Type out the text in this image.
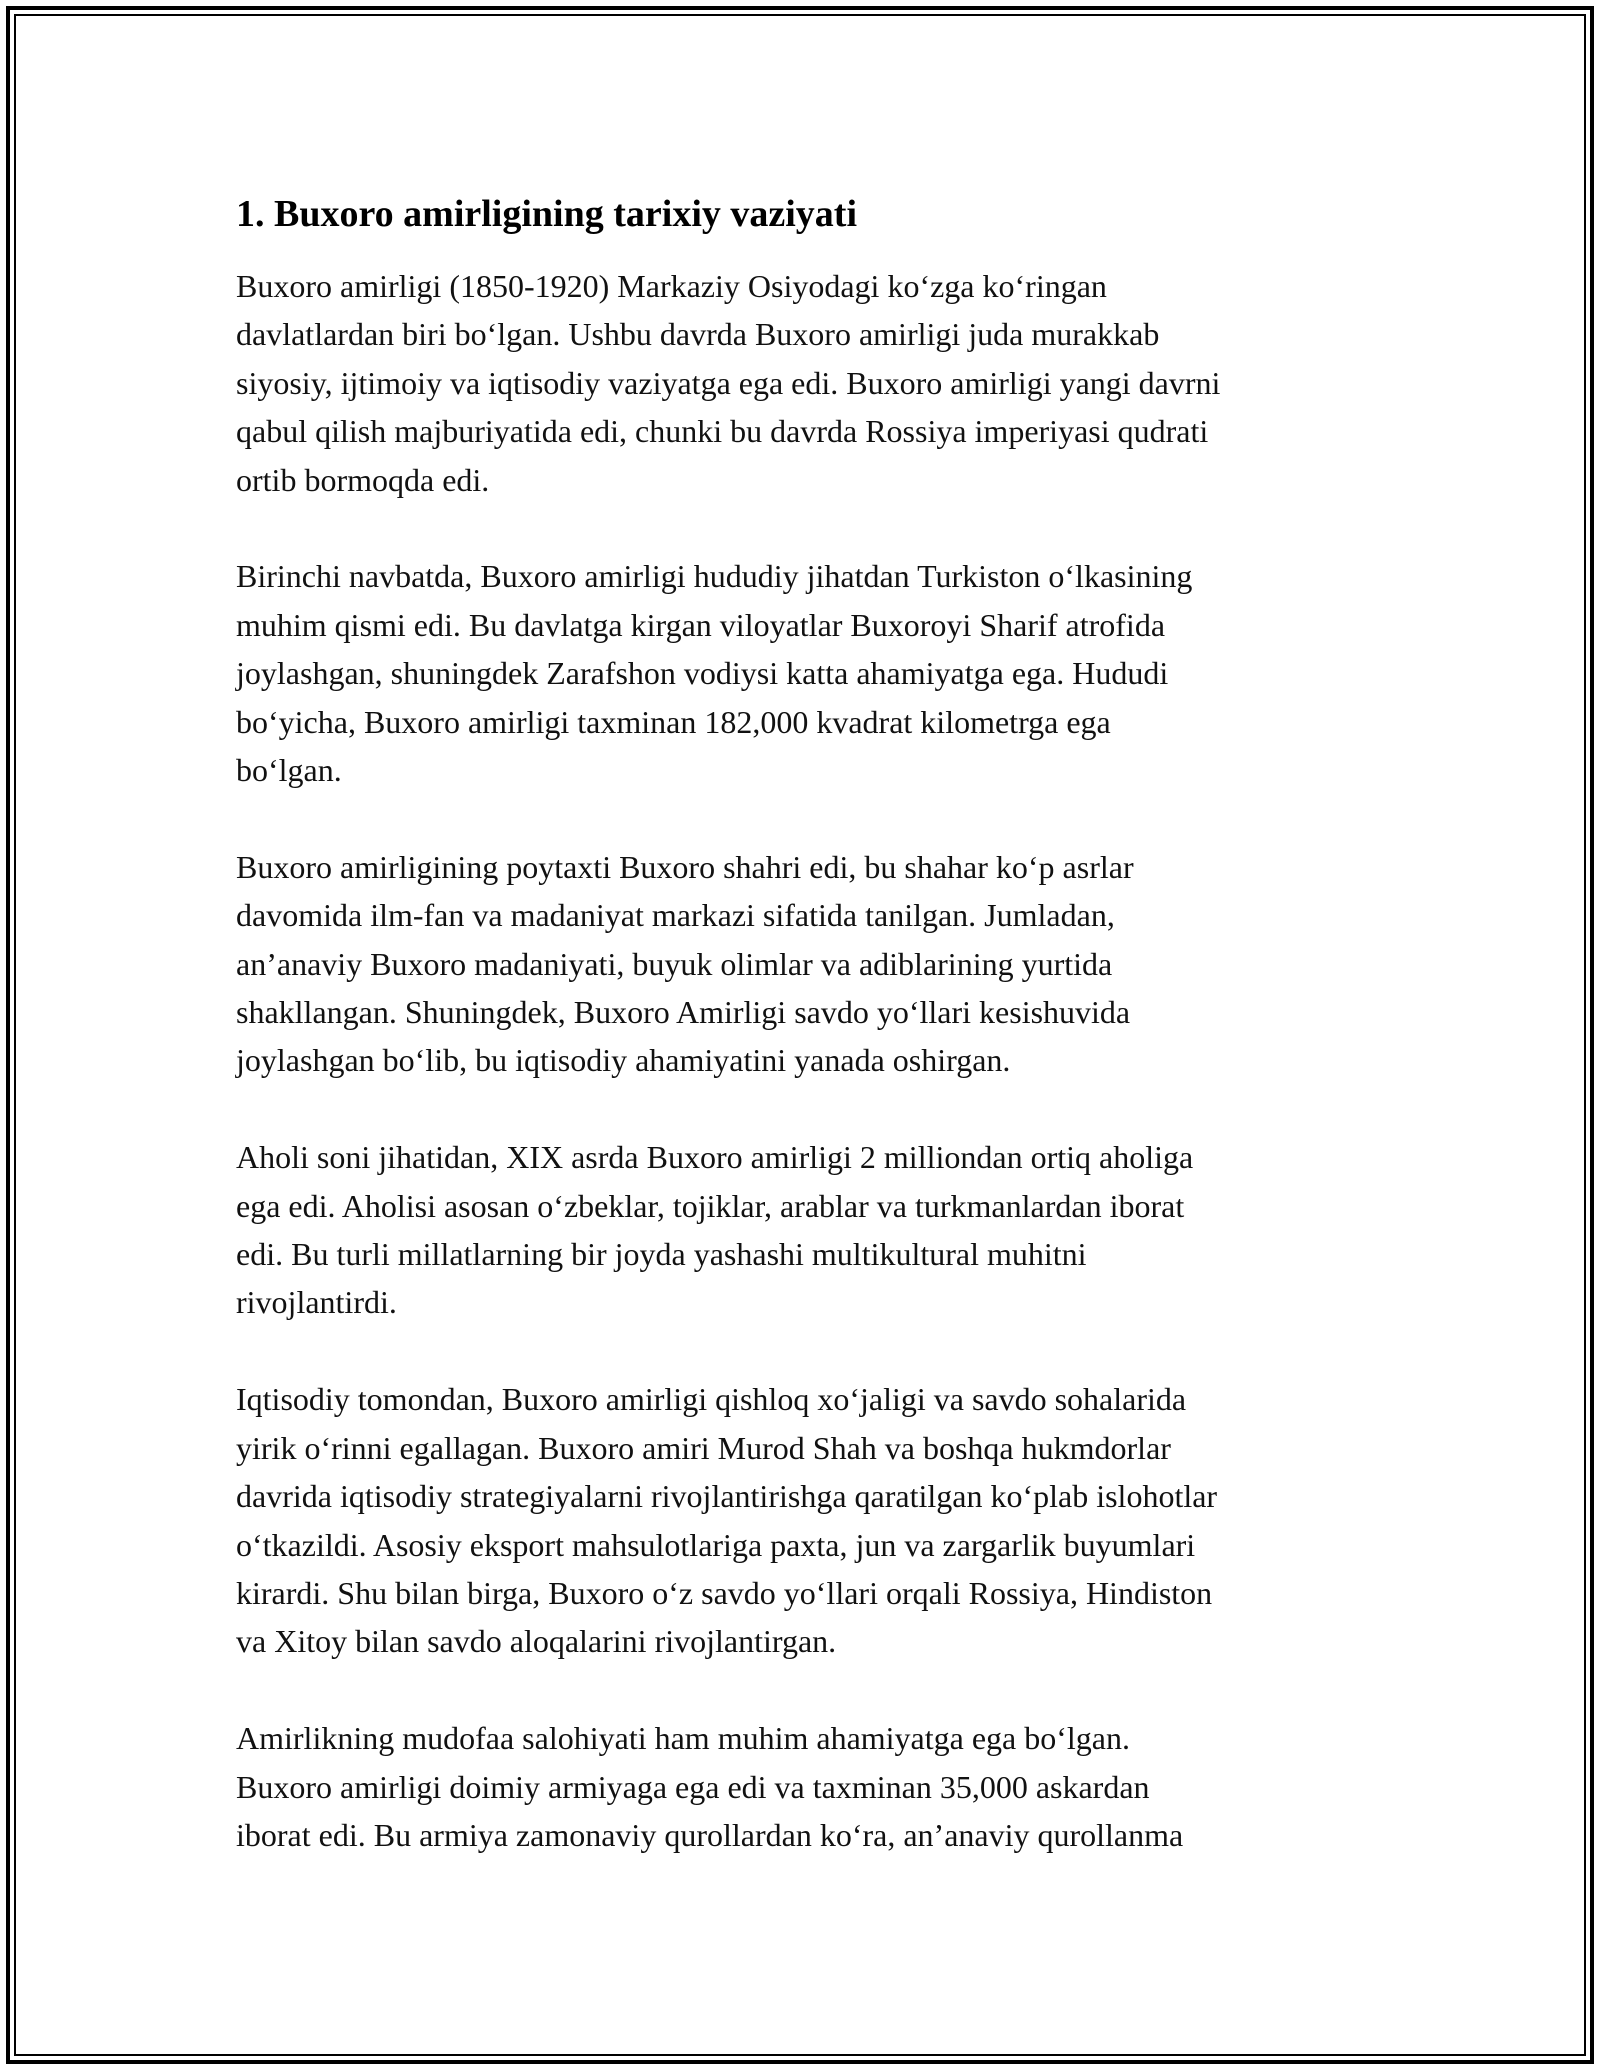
1. Buxoro amirligining tarixiy vaziyati

Buxoro amirligi (1850-1920) Markaziy Osiyodagi ko‘zga ko‘ringan
davlatlardan biri bo‘lgan. Ushbu davrda Buxoro amirligi juda murakkab
siyosiy, ijtimoiy va iqtisodiy vaziyatga ega edi. Buxoro amirligi yangi davrni
qabul qilish majburiyatida edi, chunki bu davrda Rossiya imperiyasi qudrati
ortib bormoqda edi.

Birinchi navbatda, Buxoro amirligi hududiy jihatdan Turkiston o‘lkasining
muhim qismi edi. Bu davlatga kirgan viloyatlar Buxoroyi Sharif atrofida
joylashgan, shuningdek Zarafshon vodiysi katta ahamiyatga ega. Hududi
bo‘yicha, Buxoro amirligi taxminan 182,000 kvadrat kilometrga ega
bo‘lgan.

Buxoro amirligining poytaxti Buxoro shahri edi, bu shahar ko‘p asrlar
davomida ilm-fan va madaniyat markazi sifatida tanilgan. Jumladan,
an’anaviy Buxoro madaniyati, buyuk olimlar va adiblarining yurtida
shakllangan. Shuningdek, Buxoro Amirligi savdo yo‘llari kesishuvida
joylashgan bo‘lib, bu iqtisodiy ahamiyatini yanada oshirgan.

Aholi soni jihatidan, XIX asrda Buxoro amirligi 2 milliondan ortiq aholiga
ega edi. Aholisi asosan o‘zbeklar, tojiklar, arablar va turkmanlardan iborat
edi. Bu turli millatlarning bir joyda yashashi multikultural muhitni
rivojlantirdi.

Iqtisodiy tomondan, Buxoro amirligi qishloq xo‘jaligi va savdo sohalarida
yirik o‘rinni egallagan. Buxoro amiri Murod Shah va boshqa hukmdorlar
davrida iqtisodiy strategiyalarni rivojlantirishga qaratilgan ko‘plab islohotlar
o‘tkazildi. Asosiy eksport mahsulotlariga paxta, jun va zargarlik buyumlari
kirardi. Shu bilan birga, Buxoro o‘z savdo yo‘llari orqali Rossiya, Hindiston
va Xitoy bilan savdo aloqalarini rivojlantirgan.

Amirlikning mudofaa salohiyati ham muhim ahamiyatga ega bo‘lgan.
Buxoro amirligi doimiy armiyaga ega edi va taxminan 35,000 askardan
iborat edi. Bu armiya zamonaviy qurollardan ko‘ra, an’anaviy qurollanma
